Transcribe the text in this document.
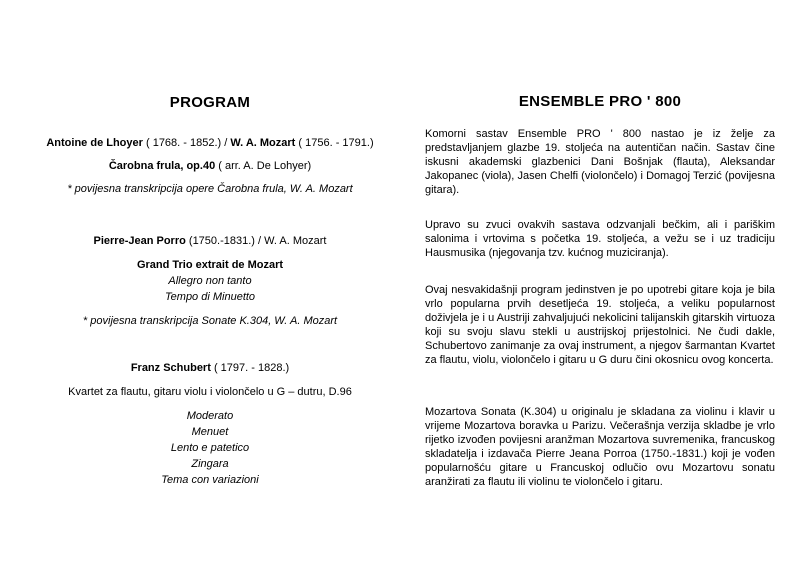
PROGRAM
Antoine de Lhoyer ( 1768. - 1852.) / W. A. Mozart ( 1756. - 1791.)
Čarobna frula, op.40 ( arr. A. De Lohyer)
* povijesna transkripcija opere Čarobna frula, W. A. Mozart
Pierre-Jean Porro (1750.-1831.) / W. A. Mozart
Grand Trio extrait de Mozart
Allegro non tanto
Tempo di Minuetto
* povijesna transkripcija Sonate K.304, W. A. Mozart
Franz Schubert ( 1797. - 1828.)
Kvartet za flautu, gitaru violu i violončelo u G – dutru, D.96
Moderato
Menuet
Lento e patetico
Zingara
Tema con variazioni
ENSEMBLE PRO ' 800

Komorni sastav Ensemble PRO ' 800 nastao je iz želje za predstavljanjem glazbe 19. stoljeća na autentičan način. Sastav čine iskusni akademski glazbenici Dani Bošnjak (flauta), Aleksandar Jakopanec (viola), Jasen Chelfi (violončelo) i Domagoj Terzić (povijesna gitara).

Upravo su zvuci ovakvih sastava odzvanjali bečkim, ali i pariškim salonima i vrtovima s početka 19. stoljeća, a vežu se i uz tradiciju Hausmusika (njegovanja tzv. kućnog muziciranja).

Ovaj nesvakidašnji program jedinstven je po upotrebi gitare koja je bila vrlo popularna prvih desetljeća 19. stoljeća, a veliku popularnost doživjela je i u Austriji zahvaljujući nekolicini talijanskih gitarskih virtuoza koji su svoju slavu stekli u austrijskoj prijestolnici. Ne čudi dakle, Schubertovo zanimanje za ovaj instrument, a njegov šarmantan Kvartet za flautu, violu, violončelo i gitaru u G duru čini okosnicu ovog koncerta.

Mozartova Sonata (K.304) u originalu je skladana za violinu i klavir u vrijeme Mozartova boravka u Parizu. Večerašnja verzija skladbe je vrlo rijetko izvođen povijesni aranžman Mozartova suvremenika, francuskog skladatelja i izdavača Pierre Jeana Porroa (1750.-1831.) koji je vođen popularnošću gitare u Francuskoj odlučio ovu Mozartovu sonatu aranžirati za flautu ili violinu te violončelo i gitaru.
